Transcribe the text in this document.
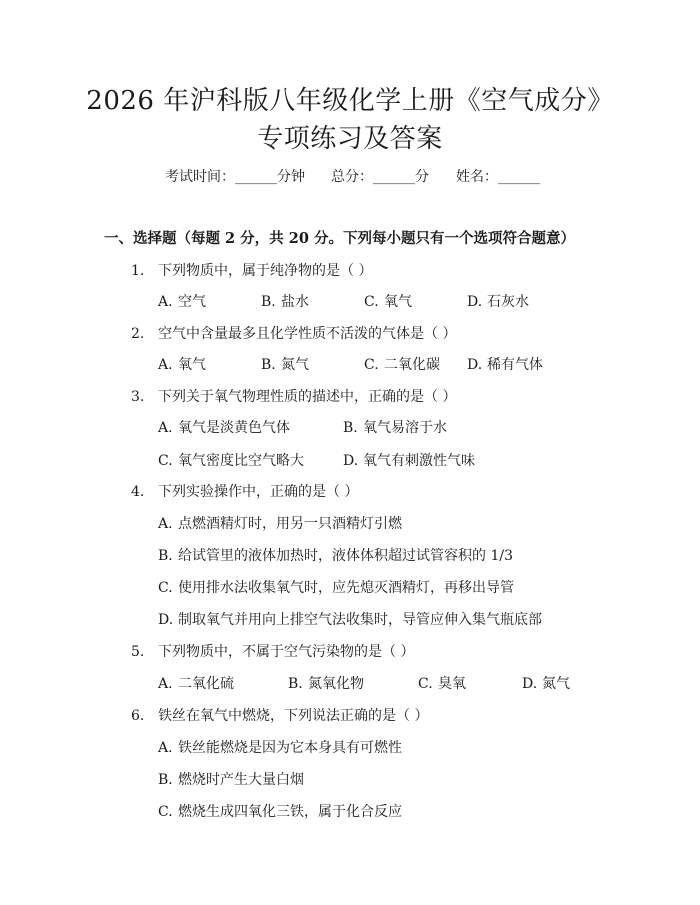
2026 年沪科版八年级化学上册《空气成分》
专项练习及答案
考试时间：______分钟 总分：______分 姓名：______
一、选择题（每题 2 分，共 20 分。下列每小题只有一个选项符合题意）
1. 下列物质中，属于纯净物的是（ ）
A. 空气	B. 盐水	C. 氧气	D. 石灰水
2. 空气中含量最多且化学性质不活泼的气体是（ ）
A. 氧气	B. 氮气	C. 二氧化碳 D. 稀有气体
3. 下列关于氧气物理性质的描述中，正确的是（ ）
A. 氧气是淡黄色气体	B. 氧气易溶于水
C. 氧气密度比空气略大	D. 氧气有刺激性气味
4. 下列实验操作中，正确的是（ ）
A. 点燃酒精灯时，用另一只酒精灯引燃
B. 给试管里的液体加热时，液体体积超过试管容积的 1/3
C. 使用排水法收集氧气时，应先熄灭酒精灯，再移出导管
D. 制取氧气并用向上排空气法收集时，导管应伸入集气瓶底部
5. 下列物质中，不属于空气污染物的是（ ）
A. 二氧化硫	B. 氮氧化物	C. 臭氧	D. 氮气
6. 铁丝在氧气中燃烧，下列说法正确的是（ ）
A. 铁丝能燃烧是因为它本身具有可燃性
B. 燃烧时产生大量白烟
C. 燃烧生成四氧化三铁，属于化合反应
